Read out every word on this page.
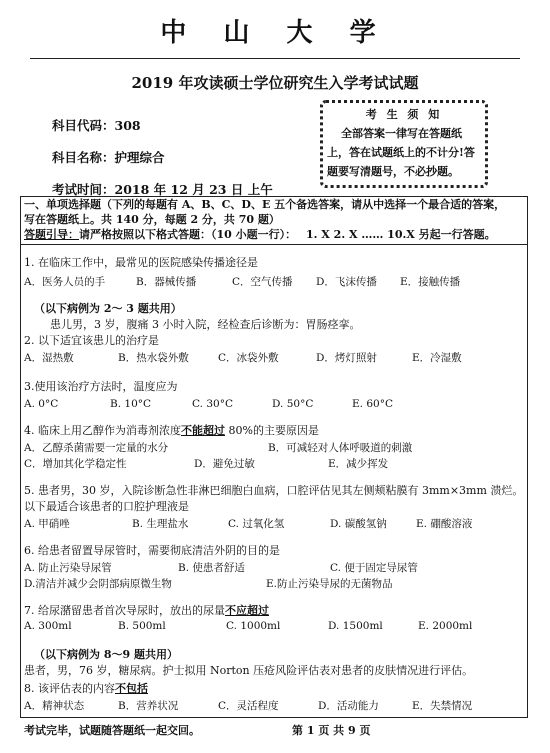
中 山 大 学
2019 年攻读硕士学位研究生入学考试试题
科目代码：308
科目名称：护理综合
考试时间：2018 年 12 月 23 日 上午
考 生 须 知
全部答案一律写在答题纸
上，答在试题纸上的不计分!答
题要写清题号，不必抄题。
一、单项选择题（下列的每题有 A、B、C、D、E 五个备选答案，请从中选择一个最合适的答案，
写在答题纸上。共 140 分，每题 2 分，共 70 题）
答题引导：请严格按照以下格式答题：（10 小题一行）： 1. X 2. X …… 10.X 另起一行答题。
1. 在临床工作中，最常见的医院感染传播途径是
A．医务人员的手	B．器械传播	C．空气传播 D．飞沫传播 E．接触传播
（以下病例为 2～ 3 题共用）
患儿男，3 岁，腹痛 3 小时入院，经检查后诊断为：胃肠痉挛。
2. 以下适宜该患儿的治疗是
A．湿热敷	B．热水袋外敷	C．冰袋外敷	D．烤灯照射	E．冷湿敷
3.使用该治疗方法时，温度应为
A. 0°C	B. 10°C	C. 30°C	D. 50°C	E. 60°C
4. 临床上用乙醇作为消毒剂浓度不能超过 80%的主要原因是
A．乙醇杀菌需要一定量的水分	B．可减轻对人体呼吸道的刺激
C．增加其化学稳定性	D．避免过敏	E．减少挥发
5. 患者男，30 岁，入院诊断急性非淋巴细胞白血病，口腔评估见其左侧颊粘膜有 3mm×3mm 溃烂。
以下最适合该患者的口腔护理液是
A. 甲硝唑	B. 生理盐水	C. 过氧化氢	D. 碳酸氢钠	E. 硼酸溶液
6. 给患者留置导尿管时，需要彻底清洁外阴的目的是
A. 防止污染导尿管	B. 使患者舒适	C. 便于固定导尿管
D.清洁并减少会阴部病原微生物	E.防止污染导尿的无菌物品
7. 给尿潴留患者首次导尿时，放出的尿量不应超过
A. 300ml	B. 500ml	C. 1000ml	D. 1500ml	E. 2000ml
（以下病例为 8～9 题共用）
患者，男，76 岁，糖尿病。护士拟用 Norton 压疮风险评估表对患者的皮肤情况进行评估。
8. 该评估表的内容不包括
A．精神状态	B．营养状况	C．灵活程度	D．活动能力	E．失禁情况
考试完毕，试题随答题纸一起交回。	第 1 页 共 9 页
